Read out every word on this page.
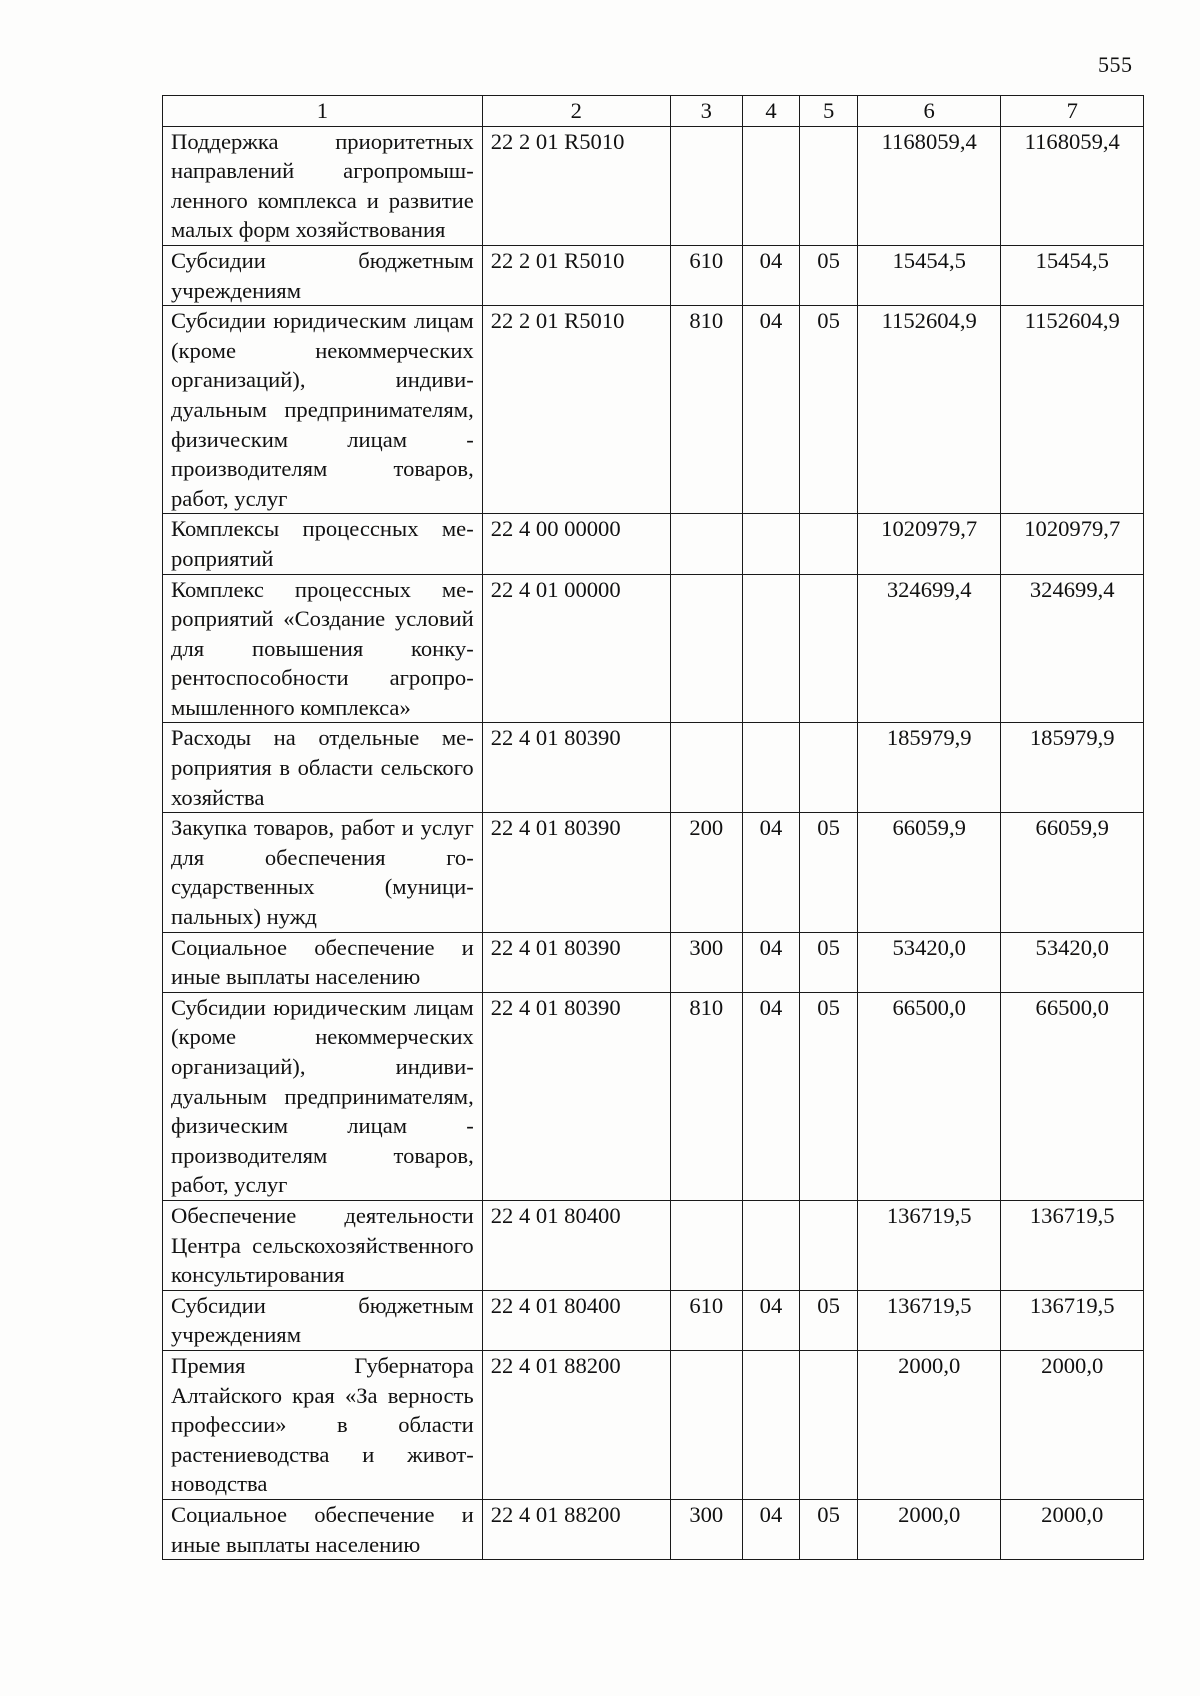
555
1	2	3	4	5	6	7
Поддержка приоритетных направлений агропромышленного комплекса и развитие малых форм хозяйствования	22 2 01 R5010				1168059,4	1168059,4
Субсидии бюджетным учреждениям	22 2 01 R5010	610	04	05	15454,5	15454,5
Субсидии юридическим лицам (кроме некоммерческих организаций), индивидуальным предпринимателям, физическим лицам - производителям товаров, работ, услуг	22 2 01 R5010	810	04	05	1152604,9	1152604,9
Комплексы процессных мероприятий	22 4 00 00000				1020979,7	1020979,7
Комплекс процессных мероприятий «Создание условий для повышения конкурентоспособности агропромышленного комплекса»	22 4 01 00000				324699,4	324699,4
Расходы на отдельные мероприятия в области сельского хозяйства	22 4 01 80390				185979,9	185979,9
Закупка товаров, работ и услуг для обеспечения государственных (муниципальных) нужд	22 4 01 80390	200	04	05	66059,9	66059,9
Социальное обеспечение и иные выплаты населению	22 4 01 80390	300	04	05	53420,0	53420,0
Субсидии юридическим лицам (кроме некоммерческих организаций), индивидуальным предпринимателям, физическим лицам - производителям товаров, работ, услуг	22 4 01 80390	810	04	05	66500,0	66500,0
Обеспечение деятельности Центра сельскохозяйственного консультирования	22 4 01 80400				136719,5	136719,5
Субсидии бюджетным учреждениям	22 4 01 80400	610	04	05	136719,5	136719,5
Премия Губернатора Алтайского края «За верность профессии» в области растениеводства и животноводства	22 4 01 88200				2000,0	2000,0
Социальное обеспечение и иные выплаты населению	22 4 01 88200	300	04	05	2000,0	2000,0
